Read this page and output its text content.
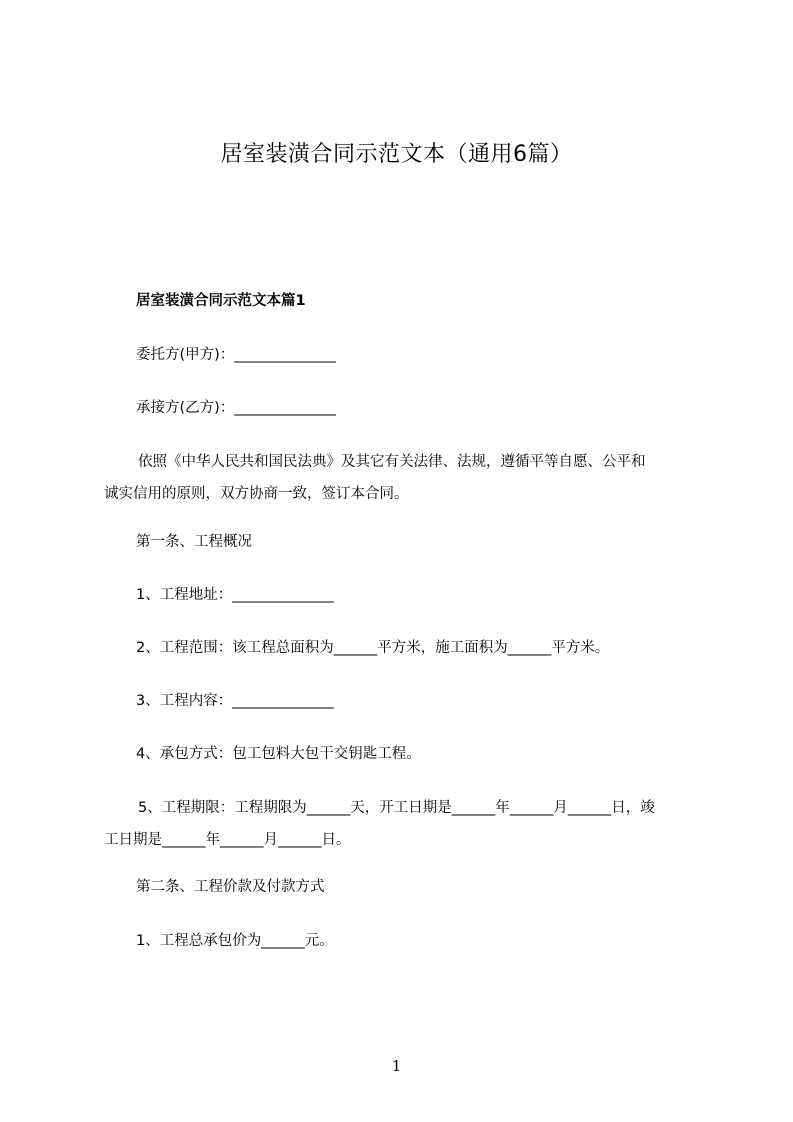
居室装潢合同示范文本（通用6篇）
居室装潢合同示范文本篇1
委托方(甲方)：______________
承接方(乙方)：______________
依照《中华人民共和国民法典》及其它有关法律、法规，遵循平等自愿、公平和
诚实信用的原则，双方协商一致，签订本合同。
第一条、工程概况
1、工程地址：______________
2、工程范围：该工程总面积为______平方米，施工面积为______平方米。
3、工程内容：______________
4、承包方式：包工包料大包干交钥匙工程。
5、工程期限：工程期限为______天，开工日期是______年______月______日，竣
工日期是______年______月______日。
第二条、工程价款及付款方式
1、工程总承包价为______元。
1
